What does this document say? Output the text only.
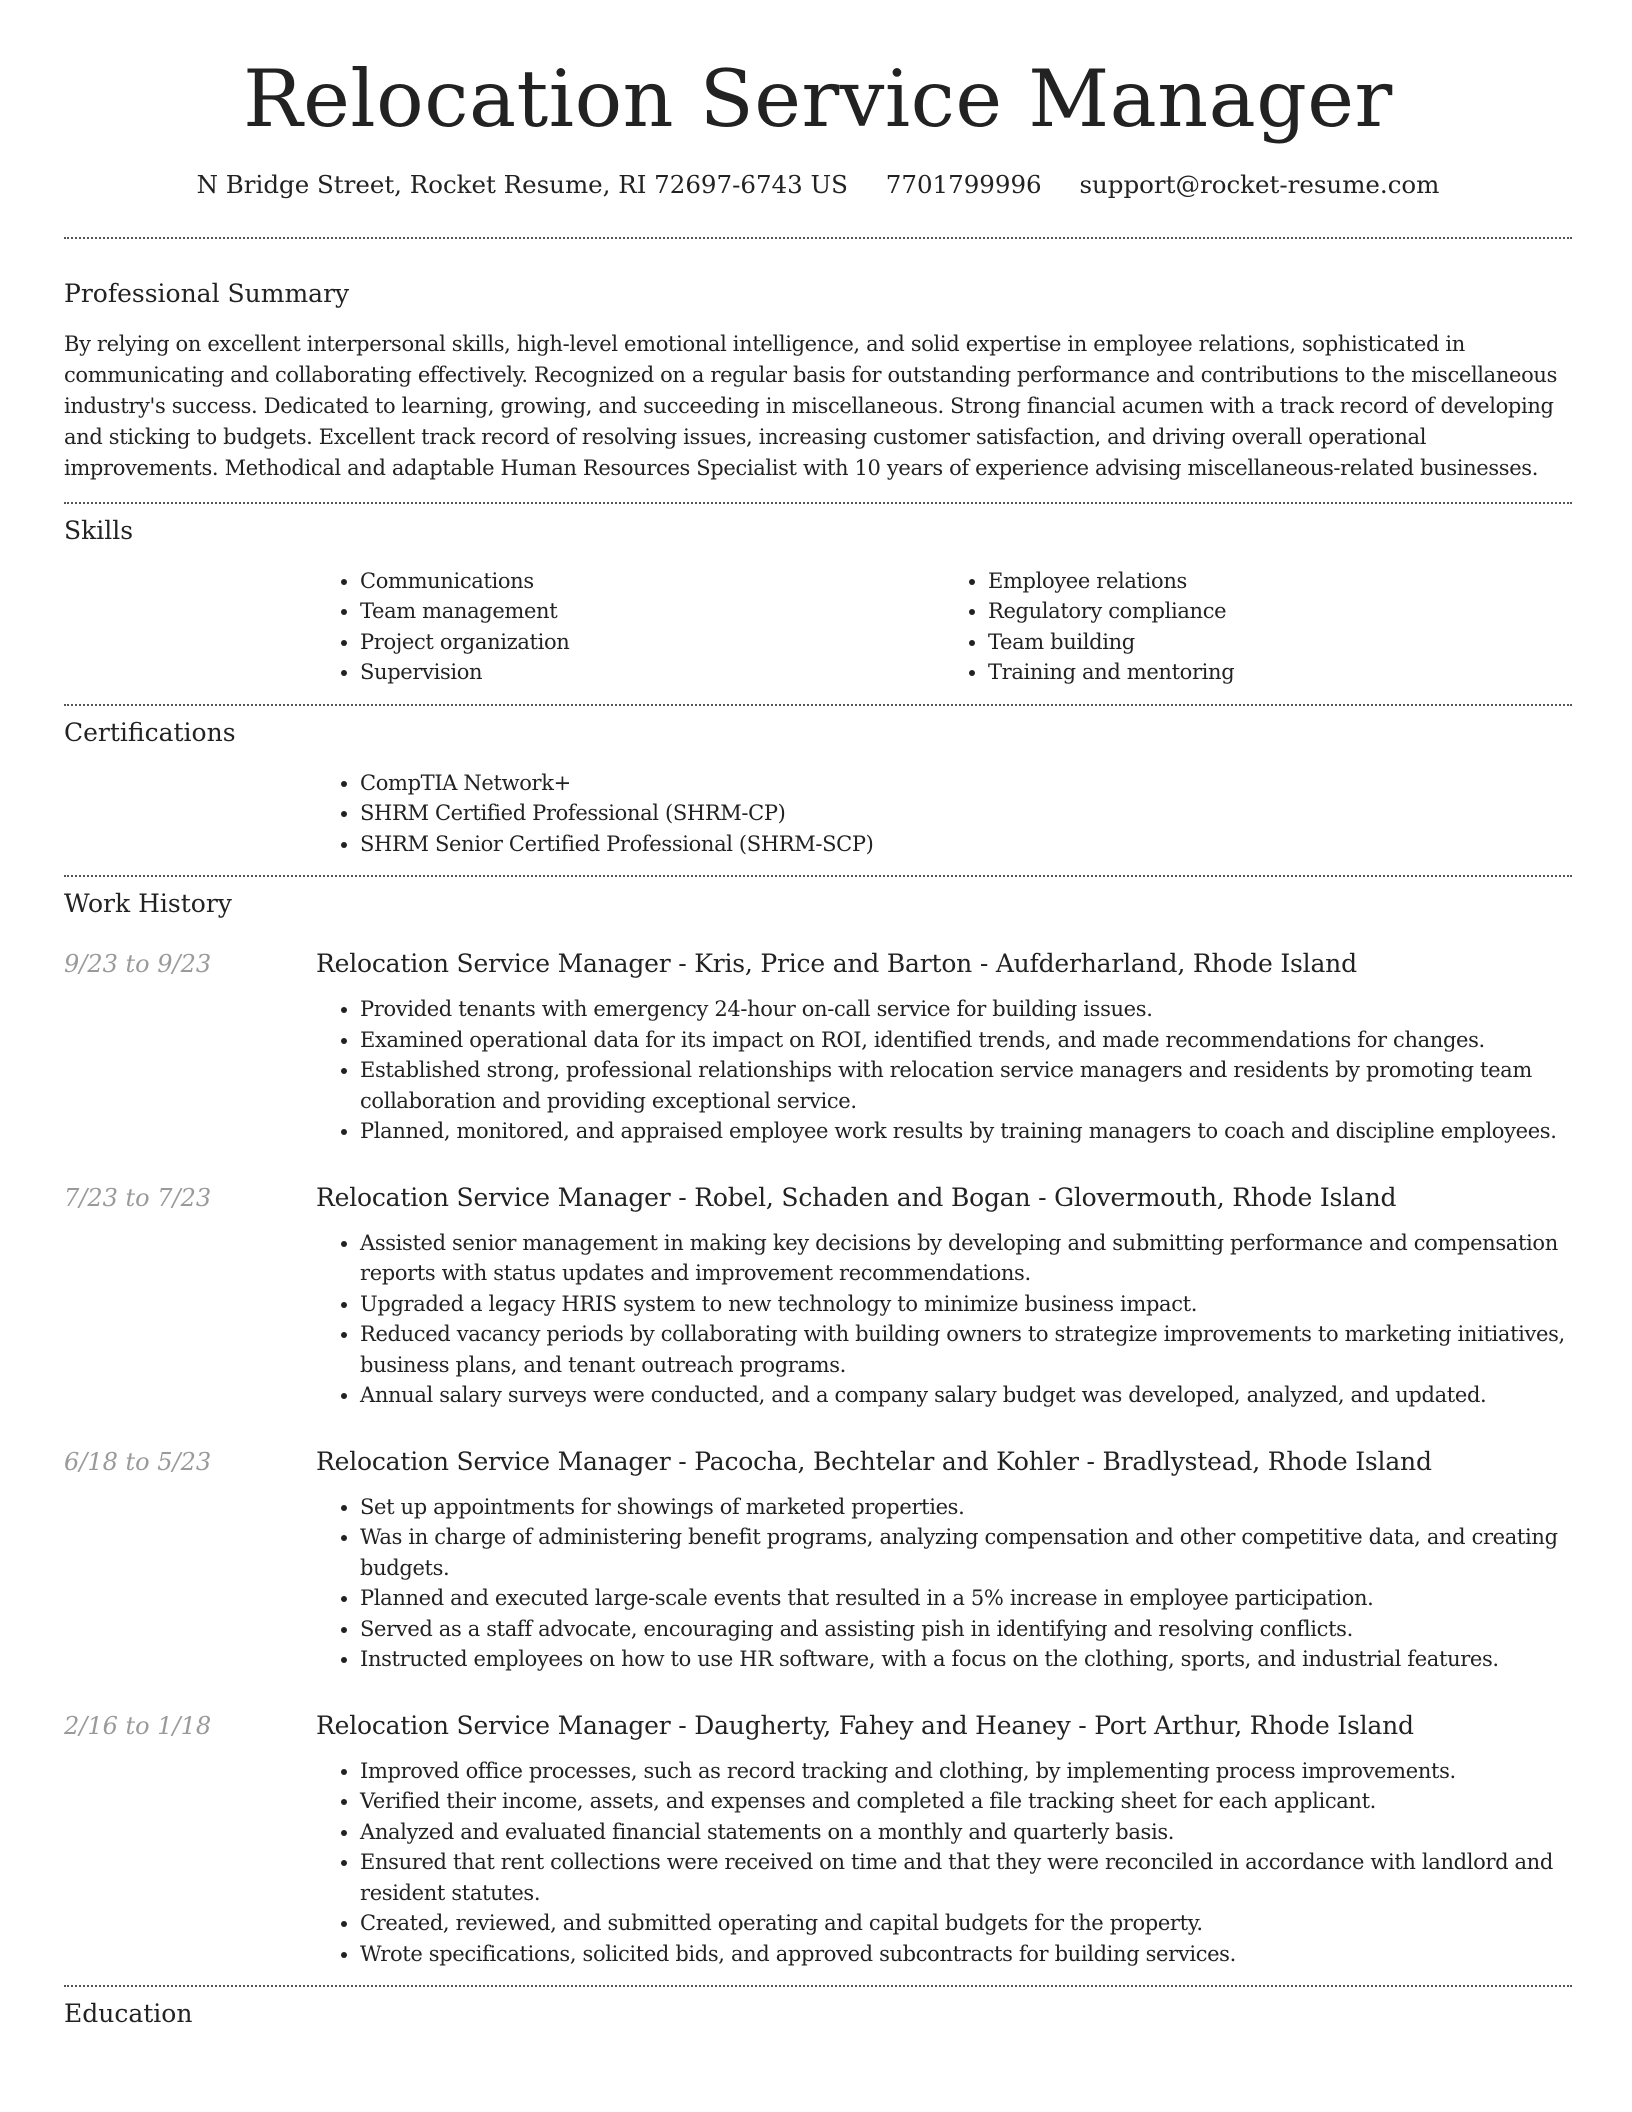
Relocation Service Manager
N Bridge Street, Rocket Resume, RI 72697-6743 US 7701799996 support@rocket-resume.com
Professional Summary

By relying on excellent interpersonal skills, high-level emotional intelligence, and solid expertise in employee relations, sophisticated in communicating and collaborating effectively. Recognized on a regular basis for outstanding performance and contributions to the miscellaneous industry's success. Dedicated to learning, growing, and succeeding in miscellaneous. Strong financial acumen with a track record of developing and sticking to budgets. Excellent track record of resolving issues, increasing customer satisfaction, and driving overall operational improvements. Methodical and adaptable Human Resources Specialist with 10 years of experience advising miscellaneous-related businesses.

Skills
• Communications
• Team management
• Project organization
• Supervision
• Employee relations
• Regulatory compliance
• Team building
• Training and mentoring
Certifications
• CompTIA Network+
• SHRM Certified Professional (SHRM-CP)
• SHRM Senior Certified Professional (SHRM-SCP)
Work History
9/23 to 9/23	Relocation Service Manager - Kris, Price and Barton - Aufderharland, Rhode Island
• Provided tenants with emergency 24-hour on-call service for building issues.
• Examined operational data for its impact on ROI, identified trends, and made recommendations for changes.
• Established strong, professional relationships with relocation service managers and residents by promoting team collaboration and providing exceptional service.
• Planned, monitored, and appraised employee work results by training managers to coach and discipline employees.
7/23 to 7/23	Relocation Service Manager - Robel, Schaden and Bogan - Glovermouth, Rhode Island
• Assisted senior management in making key decisions by developing and submitting performance and compensation reports with status updates and improvement recommendations.
• Upgraded a legacy HRIS system to new technology to minimize business impact.
• Reduced vacancy periods by collaborating with building owners to strategize improvements to marketing initiatives, business plans, and tenant outreach programs.
• Annual salary surveys were conducted, and a company salary budget was developed, analyzed, and updated.
6/18 to 5/23	Relocation Service Manager - Pacocha, Bechtelar and Kohler - Bradlystead, Rhode Island
• Set up appointments for showings of marketed properties.
• Was in charge of administering benefit programs, analyzing compensation and other competitive data, and creating budgets.
• Planned and executed large-scale events that resulted in a 5% increase in employee participation.
• Served as a staff advocate, encouraging and assisting pish in identifying and resolving conflicts.
• Instructed employees on how to use HR software, with a focus on the clothing, sports, and industrial features.
2/16 to 1/18	Relocation Service Manager - Daugherty, Fahey and Heaney - Port Arthur, Rhode Island
• Improved office processes, such as record tracking and clothing, by implementing process improvements.
• Verified their income, assets, and expenses and completed a file tracking sheet for each applicant.
• Analyzed and evaluated financial statements on a monthly and quarterly basis.
• Ensured that rent collections were received on time and that they were reconciled in accordance with landlord and resident statutes.
• Created, reviewed, and submitted operating and capital budgets for the property.
• Wrote specifications, solicited bids, and approved subcontracts for building services.
Education
